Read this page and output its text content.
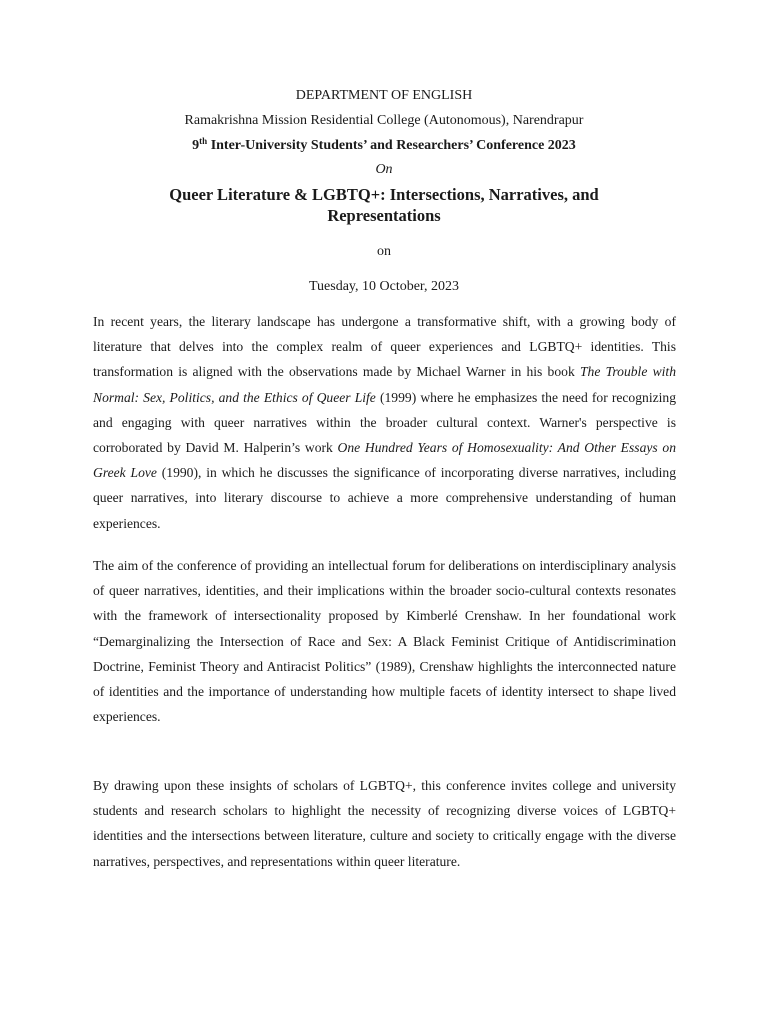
DEPARTMENT OF ENGLISH
Ramakrishna Mission Residential College (Autonomous), Narendrapur
9th Inter-University Students’ and Researchers’ Conference 2023
On
Queer Literature & LGBTQ+: Intersections, Narratives, and
Representations
on
Tuesday, 10 October, 2023

In recent years, the literary landscape has undergone a transformative shift, with a growing body of literature that delves into the complex realm of queer experiences and LGBTQ+ identities. This transformation is aligned with the observations made by Michael Warner in his book The Trouble with Normal: Sex, Politics, and the Ethics of Queer Life (1999) where he emphasizes the need for recognizing and engaging with queer narratives within the broader cultural context. Warner's perspective is corroborated by David M. Halperin’s work One Hundred Years of Homosexuality: And Other Essays on Greek Love (1990), in which he discusses the significance of incorporating diverse narratives, including queer narratives, into literary discourse to achieve a more comprehensive understanding of human experiences.

The aim of the conference of providing an intellectual forum for deliberations on interdisciplinary analysis of queer narratives, identities, and their implications within the broader socio-cultural contexts resonates with the framework of intersectionality proposed by Kimberlé Crenshaw. In her foundational work “Demarginalizing the Intersection of Race and Sex: A Black Feminist Critique of Antidiscrimination Doctrine, Feminist Theory and Antiracist Politics” (1989), Crenshaw highlights the interconnected nature of identities and the importance of understanding how multiple facets of identity intersect to shape lived experiences.

By drawing upon these insights of scholars of LGBTQ+, this conference invites college and university students and research scholars to highlight the necessity of recognizing diverse voices of LGBTQ+ identities and the intersections between literature, culture and society to critically engage with the diverse narratives, perspectives, and representations within queer literature.
